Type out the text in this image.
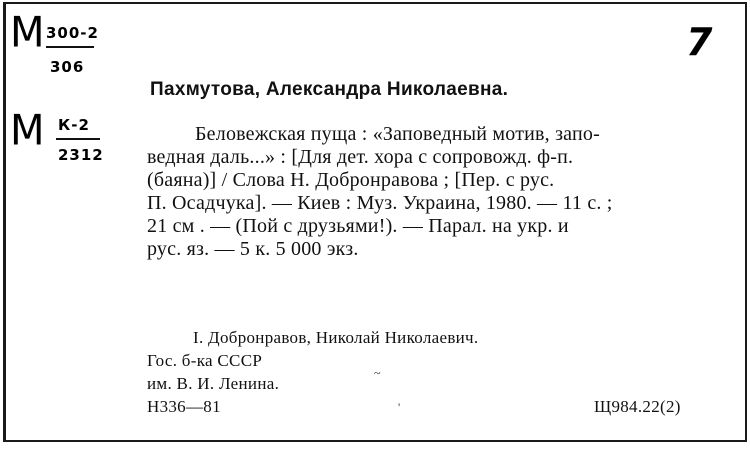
М 300-2
306
М К-2
2312
7
Пахмутова, Александра Николаевна.
Беловежская пуща : «Заповедный мотив, запо-
ведная даль...» : [Для дет. хора с сопровожд. ф-п.
(баяна)] / Слова Н. Добронравова ; [Пер. с рус.
П. Осадчука]. — Киев : Муз. Украина, 1980. — 11 с. ;
21 см . — (Пой с друзьями!). — Парал. на укр. и
рус. яз. — 5 к. 5 000 экз.
I. Добронравов, Николай Николаевич.
Гос. б-ка СССР
им. В. И. Ленина.
Н336—81	Щ984.22(2)
~
'
